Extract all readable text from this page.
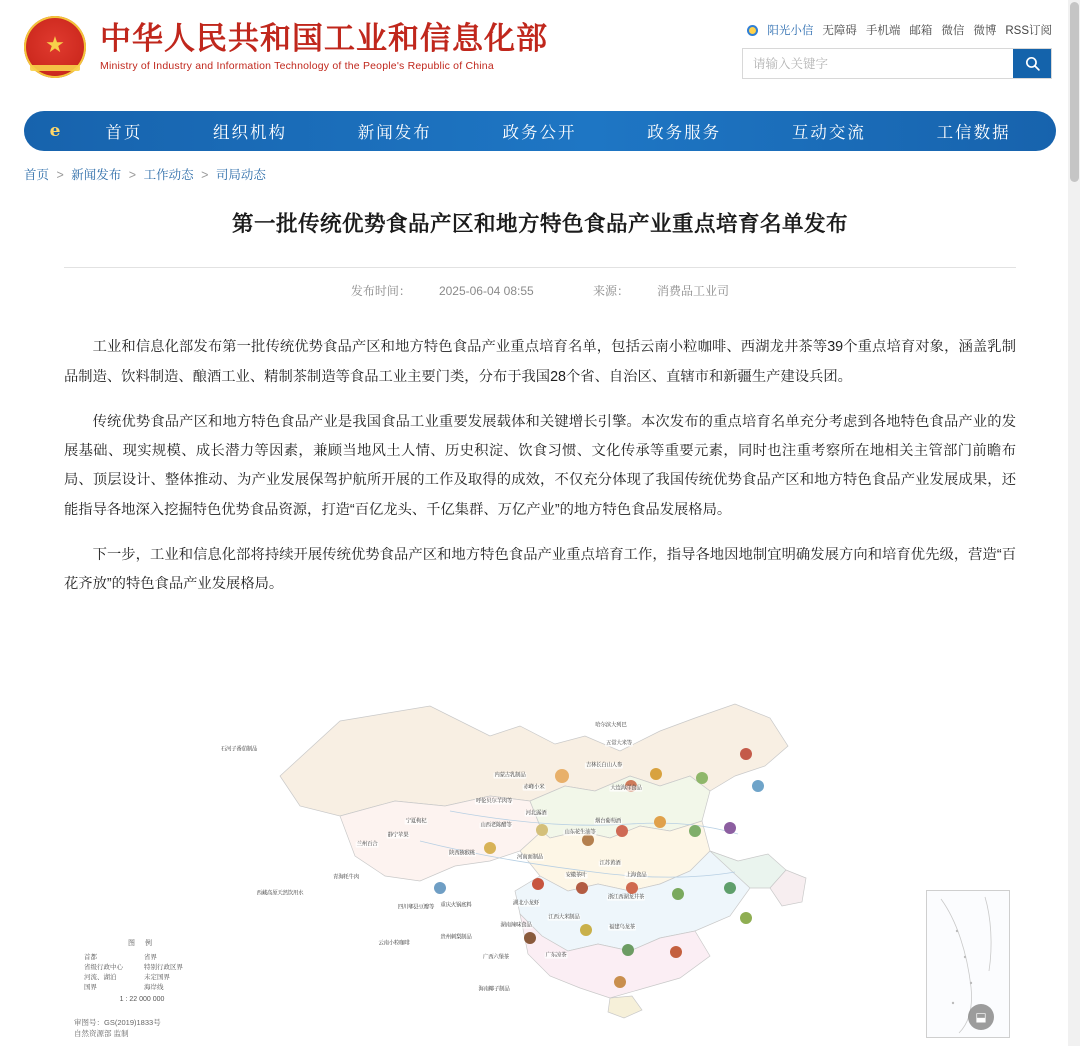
★
中华人民共和国工业和信息化部
Ministry of Industry and Information Technology of the People's Republic of China
阳光小信 无障碍 手机端 邮箱 微信 微博 RSS订阅
请输入关键字
e	首页	组织机构	新闻发布	政务公开	政务服务	互动交流	工信数据
首页 > 新闻发布 > 工作动态 > 司局动态
第一批传统优势食品产区和地方特色食品产业重点培育名单发布
发布时间： 2025-06-04 08:55	来源： 消费品工业司

工业和信息化部发布第一批传统优势食品产区和地方特色食品产业重点培育名单，包括云南小粒咖啡、西湖龙井茶等39个重点培育对象，涵盖乳制品制造、饮料制造、酿酒工业、精制茶制造等食品工业主要门类，分布于我国28个省、自治区、直辖市和新疆生产建设兵团。

传统优势食品产区和地方特色食品产业是我国食品工业重要发展载体和关键增长引擎。本次发布的重点培育名单充分考虑到各地特色食品产业的发展基础、现实规模、成长潜力等因素，兼顾当地风土人情、历史积淀、饮食习惯、文化传承等重要元素，同时也注重考察所在地相关主管部门前瞻布局、顶层设计、整体推动、为产业发展保驾护航所开展的工作及取得的成效，不仅充分体现了我国传统优势食品产区和地方特色食品产业发展成果，还能指导各地深入挖掘特色优势食品资源，打造“百亿龙头、千亿集群、万亿产业”的地方特色食品发展格局。

下一步，工业和信息化部将持续开展传统优势食品产区和地方特色食品产业重点培育工作，指导各地因地制宜明确发展方向和培育优先级，营造“百花齐放”的特色食品产业发展格局。

哈尔滨大列巴
五常大米等
吉林长白山人参
大连海洋食品
呼伦贝尔羊肉等
赤峰小米
内蒙古乳制品
宁夏枸杞
石河子番茄制品
兰州百合
静宁苹果
山西老陈醋等
陕西猕猴桃
河北露酒
山东花生油等
烟台葡萄酒
河南面制品
安徽茶叶
江苏黄酒
上海食品
西藏高原天然饮用水
青海牦牛肉
四川郫县豆瓣等 重庆火锅底料	湖北小龙虾
湖南辣味食品
江西大米制品
浙江西湖龙井茶
福建乌龙茶
云南小粒咖啡
贵州刺梨制品
广西六堡茶	广东凉茶
海南椰子制品
图 例
首都	省界
省级行政中心	特别行政区界
河流、湖泊	未定国界
国界	海岸线
1 : 22 000 000
审图号：GS(2019)1833号
自然资源部 监制
⬓
